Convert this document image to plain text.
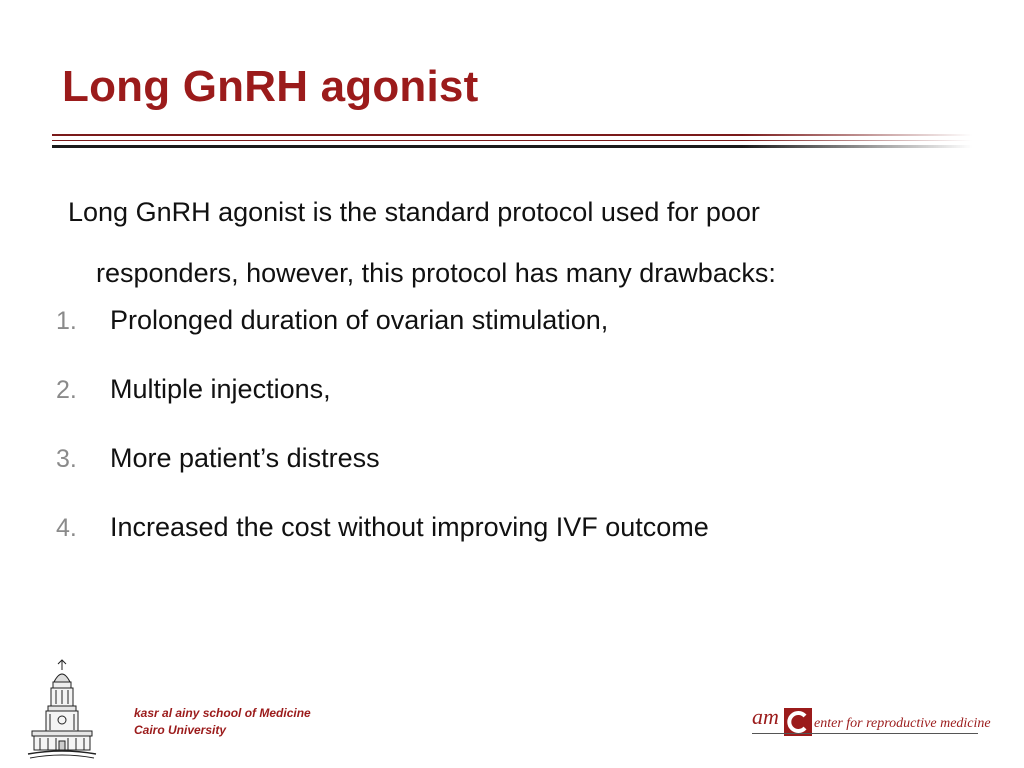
Long GnRH agonist

Long GnRH agonist is the standard protocol used for poor
responders, however, this protocol has many drawbacks:

1.	Prolonged duration of ovarian stimulation,
2.	Multiple injections,
3.	More patient’s distress
4.	Increased the cost without improving IVF outcome
kasr al ainy school of Medicine
Cairo University
am	enter for reproductive medicine
